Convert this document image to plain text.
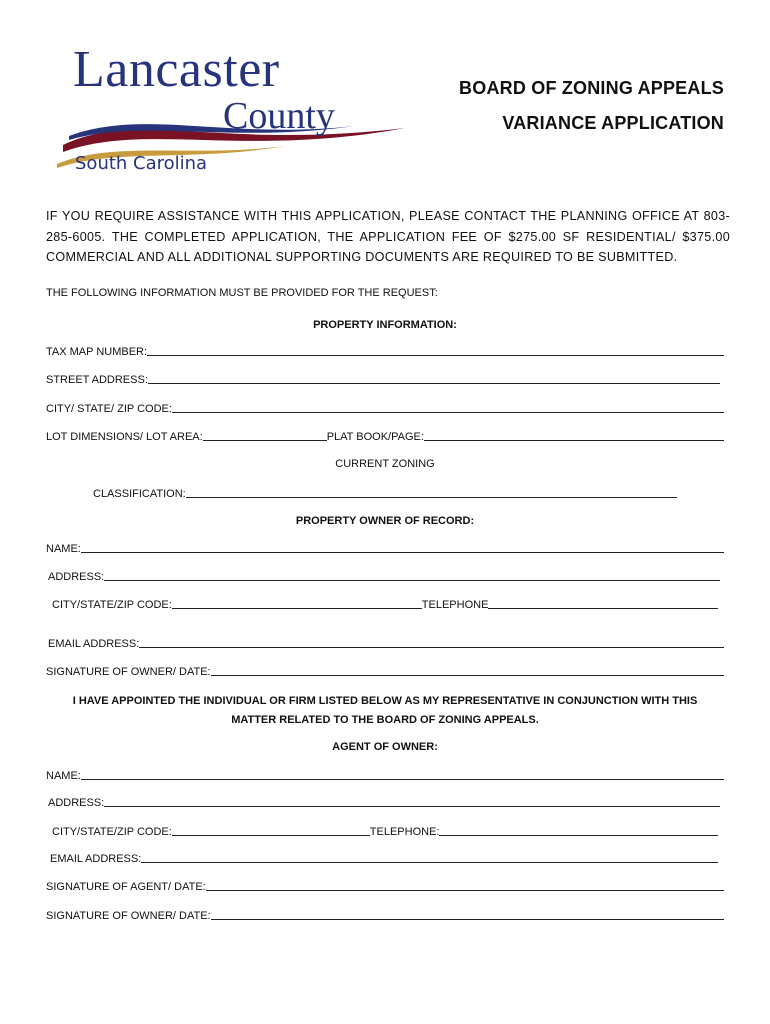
Lancaster
County
South Carolina
BOARD OF ZONING APPEALS
VARIANCE APPLICATION
IF YOU REQUIRE ASSISTANCE WITH THIS APPLICATION, PLEASE CONTACT THE PLANNING OFFICE AT 803-285-6005. THE COMPLETED APPLICATION, THE APPLICATION FEE OF $275.00 SF RESIDENTIAL/ $375.00 COMMERCIAL AND ALL ADDITIONAL SUPPORTING DOCUMENTS ARE REQUIRED TO BE SUBMITTED.
THE FOLLOWING INFORMATION MUST BE PROVIDED FOR THE REQUEST:
PROPERTY INFORMATION:
TAX MAP NUMBER:
STREET ADDRESS:
CITY/ STATE/ ZIP CODE:
LOT DIMENSIONS/ LOT AREA:	PLAT BOOK/PAGE:
CURRENT ZONING
CLASSIFICATION:
PROPERTY OWNER OF RECORD:
NAME:
ADDRESS:
CITY/STATE/ZIP CODE:	TELEPHONE
EMAIL ADDRESS:
SIGNATURE OF OWNER/ DATE:
I HAVE APPOINTED THE INDIVIDUAL OR FIRM LISTED BELOW AS MY REPRESENTATIVE IN CONJUNCTION WITH THIS
MATTER RELATED TO THE BOARD OF ZONING APPEALS.
AGENT OF OWNER:
NAME:
ADDRESS:
CITY/STATE/ZIP CODE:	TELEPHONE:
EMAIL ADDRESS:
SIGNATURE OF AGENT/ DATE:
SIGNATURE OF OWNER/ DATE:
